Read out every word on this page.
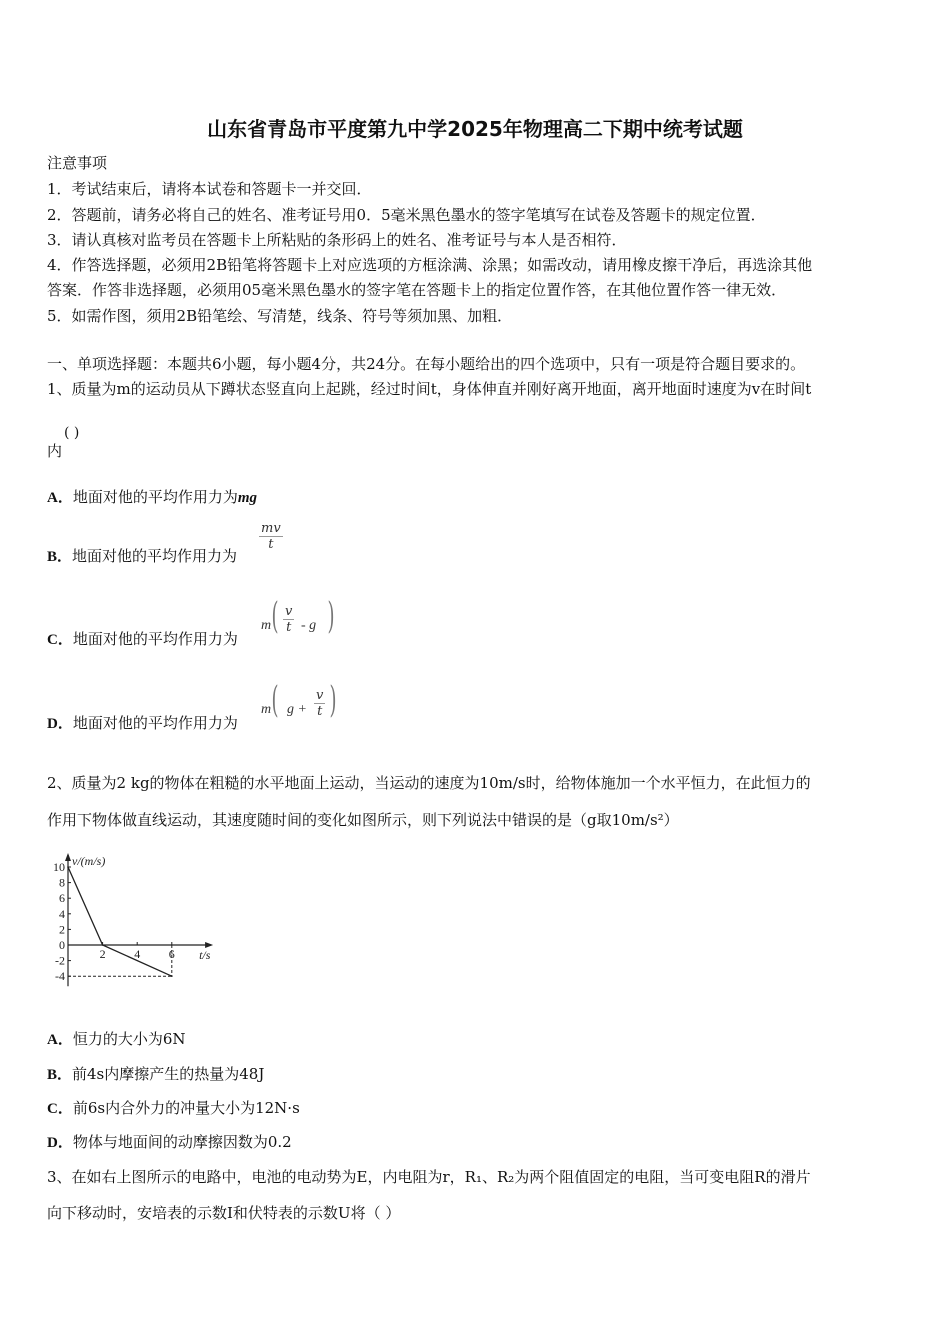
山东省青岛市平度第九中学2025年物理高二下期中统考试题
注意事项
1．考试结束后，请将本试卷和答题卡一并交回．
2．答题前，请务必将自己的姓名、准考证号用0．5毫米黑色墨水的签字笔填写在试卷及答题卡的规定位置．
3．请认真核对监考员在答题卡上所粘贴的条形码上的姓名、准考证号与本人是否相符．
4．作答选择题，必须用2B铅笔将答题卡上对应选项的方框涂满、涂黑；如需改动，请用橡皮擦干净后，再选涂其他
答案．作答非选择题，必须用05毫米黑色墨水的签字笔在答题卡上的指定位置作答，在其他位置作答一律无效．
5．如需作图，须用2B铅笔绘、写清楚，线条、符号等须加黑、加粗．
一、单项选择题：本题共6小题，每小题4分，共24分。在每小题给出的四个选项中，只有一项是符合题目要求的。
1、质量为m的运动员从下蹲状态竖直向上起跳，经过时间t，身体伸直并刚好离开地面，离开地面时速度为v在时间t
内
( )
A．地面对他的平均作用力为mg
B．地面对他的平均作用力为
mv
t
C．地面对他的平均作用力为
m ( v
t - g )
D．地面对他的平均作用力为
m ( g +
v
t )
2、质量为2 kg的物体在粗糙的水平地面上运动，当运动的速度为10m/s时，给物体施加一个水平恒力，在此恒力的
作用下物体做直线运动，其速度随时间的变化如图所示，则下列说法中错误的是（g取10m/s²）
v/(m/s)
t/s
10
8
6
4
2
0
-2
-4
2 4 6
A．恒力的大小为6N
B．前4s内摩擦产生的热量为48J
C．前6s内合外力的冲量大小为12N·s
D．物体与地面间的动摩擦因数为0.2
3、在如右上图所示的电路中，电池的电动势为E，内电阻为r，R₁、R₂为两个阻值固定的电阻，当可变电阻R的滑片
向下移动时，安培表的示数I和伏特表的示数U将（ ）
